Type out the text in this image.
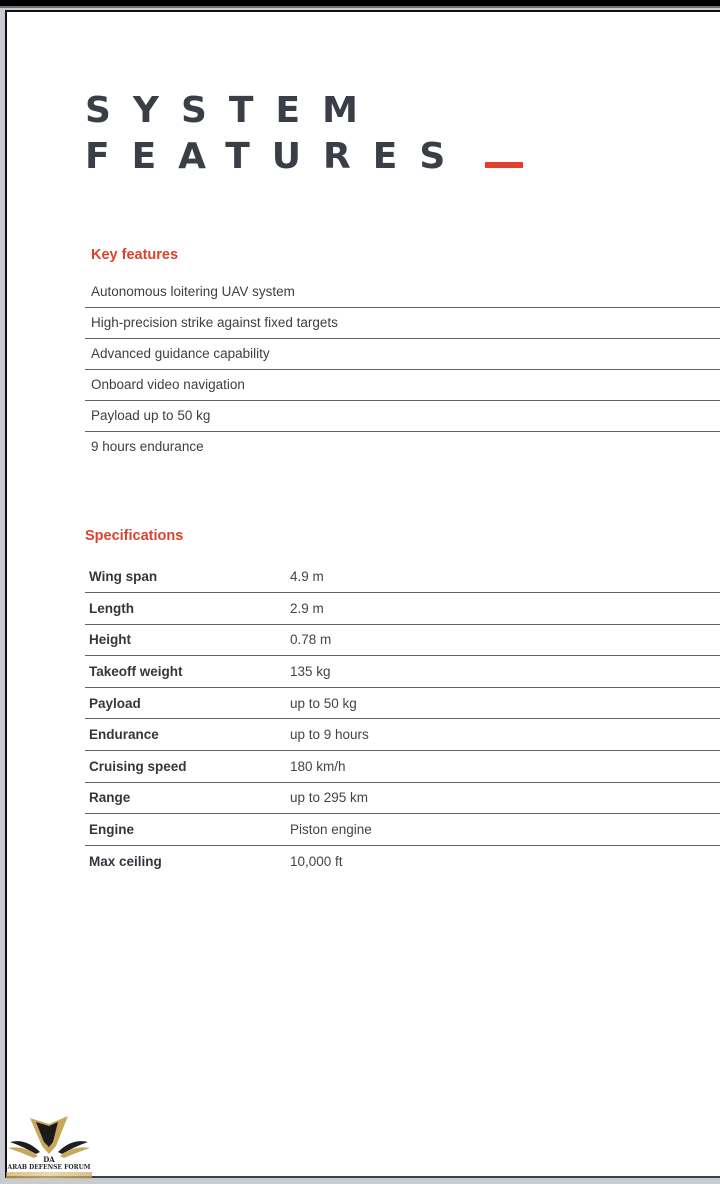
SYSTEM
FEATURES
Key features
Autonomous loitering UAV system
High-precision strike against fixed targets
Advanced guidance capability
Onboard video navigation
Payload up to 50 kg
9 hours endurance
Specifications
Wing span	4.9 m
Length	2.9 m
Height	0.78 m
Takeoff weight	135 kg
Payload	up to 50 kg
Endurance	up to 9 hours
Cruising speed	180 km/h
Range	up to 295 km
Engine	Piston engine
Max ceiling	10,000 ft
DA
ARAB DEFENSE FORUM
